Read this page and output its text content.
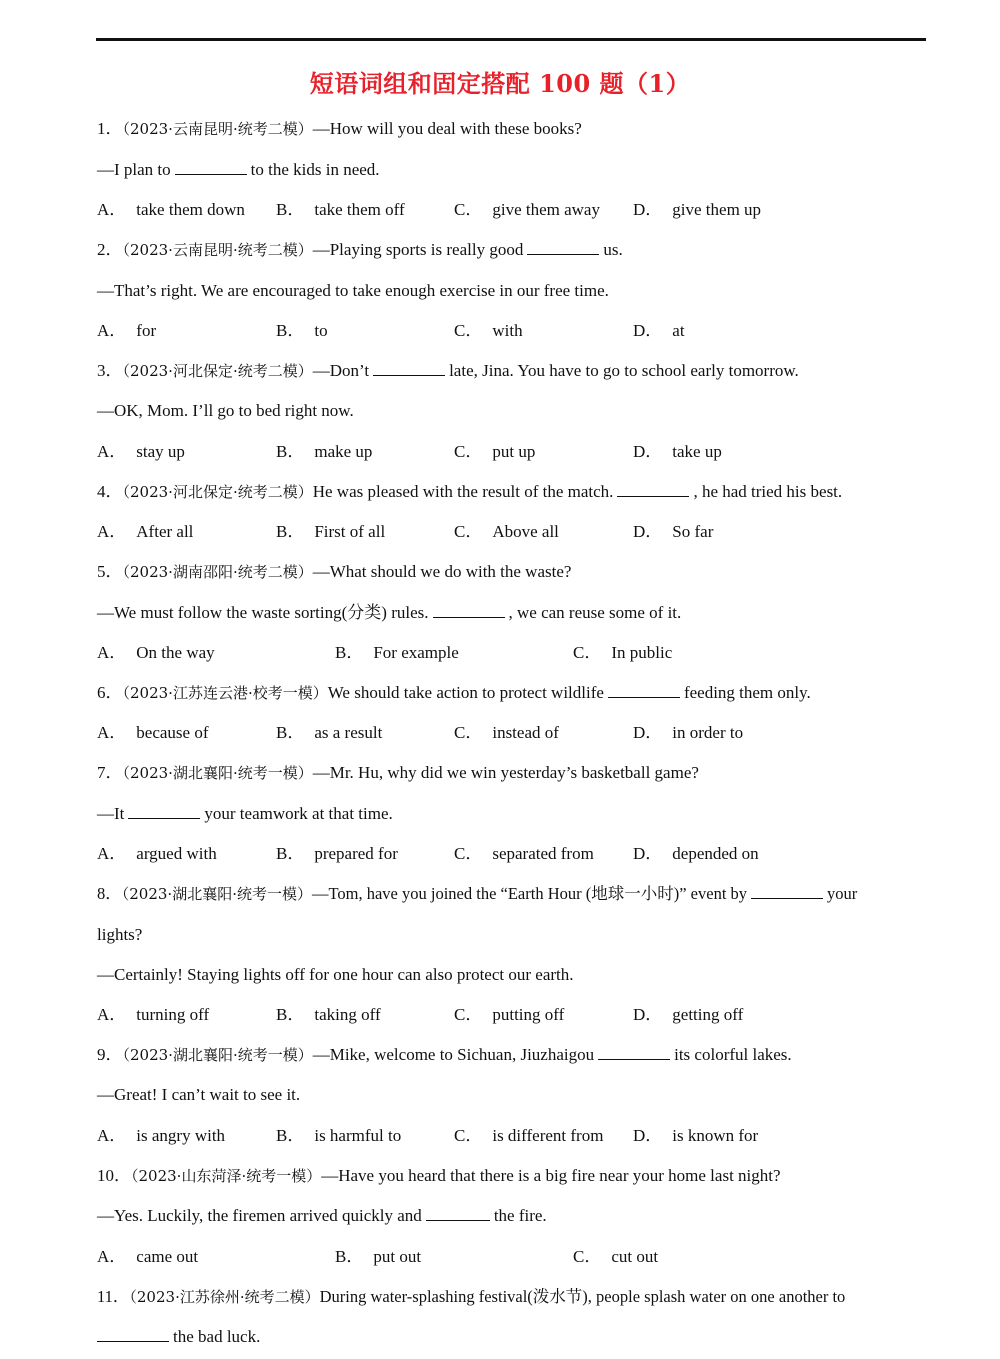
短语词组和固定搭配 100 题（1）
1．（2023·云南昆明·统考二模）—How will you deal with these books?
—I plan to	to the kids in need.
A． take them down B． take them off	C． give them away D． give them up
2．（2023·云南昆明·统考二模）—Playing sports is really good	us.
—That’s right. We are encouraged to take enough exercise in our free time.
A． for	B． to	C． with	D． at
3．（2023·河北保定·统考二模）—Don’t	late, Jina. You have to go to school early tomorrow.
—OK, Mom. I’ll go to bed right now.
A． stay up	B． make up	C． put up	D． take up
4．（2023·河北保定·统考二模）He was pleased with the result of the match.	, he had tried his best.
A． After all	B． First of all	C． Above all	D． So far
5．（2023·湖南邵阳·统考二模）—What should we do with the waste?
—We must follow the waste sorting(分类) rules.	, we can reuse some of it.
A． On the way	B． For example	C． In public
6．（2023·江苏连云港·校考一模）We should take action to protect wildlife	feeding them only.
A． because of	B． as a result	C． instead of	D． in order to
7．（2023·湖北襄阳·统考一模）—Mr. Hu, why did we win yesterday’s basketball game?
—It	your teamwork at that time.
A． argued with	B． prepared for	C． separated from D． depended on
8．（2023·湖北襄阳·统考一模）—Tom, have you joined the “Earth Hour (地球一小时)” event by	your
lights?
—Certainly! Staying lights off for one hour can also protect our earth.
A． turning off	B． taking off	C． putting off	D． getting off
9．（2023·湖北襄阳·统考一模）—Mike, welcome to Sichuan, Jiuzhaigou	its colorful lakes.
—Great! I can’t wait to see it.
A． is angry with	B． is harmful to	C． is different from D． is known for
10．（2023·山东菏泽·统考一模）—Have you heard that there is a big fire near your home last night?
—Yes. Luckily, the firemen arrived quickly and	the fire.
A． came out	B． put out	C． cut out
11．（2023·江苏徐州·统考二模）During water-splashing festival(泼水节), people splash water on one another to
the bad luck.
